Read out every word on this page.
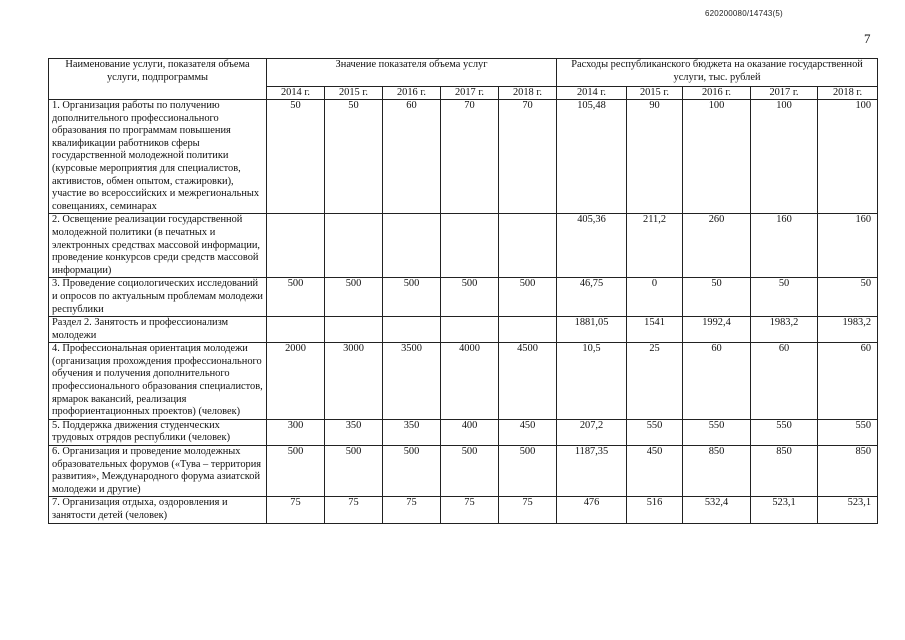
620200080/14743(5)
7
Наименование услуги, показателя объема услуги, подпрограммы	Значение показателя объема услуг					Расходы республиканского бюджета на оказание государственной услуги, тыс. рублей				
	2014 г.	2015 г.	2016 г.	2017 г.	2018 г.	2014 г.	2015 г.	2016 г.	2017 г.	2018 г.
1. Организация работы по получению дополнительного профессионального образования по программам повышения квалификации работников сферы государственной молодежной политики (курсовые мероприятия для специалистов, активистов, обмен опытом, стажировки), участие во всероссийских и межрегиональных совещаниях, семинарах	50	50	60	70	70	105,48	90	100	100	100
2. Освещение реализации государственной молодежной политики (в печатных и электронных средствах массовой информации, проведение конкурсов среди средств массовой информации)						405,36	211,2	260	160	160
3. Проведение социологических исследований и опросов по актуальным проблемам молодежи республики	500	500	500	500	500	46,75	0	50	50	50
Раздел 2. Занятость и профессионализм молодежи						1881,05	1541	1992,4	1983,2	1983,2
4. Профессиональная ориентация молодежи (организация прохождения профессионального обучения и получения дополнительного профессионального образования специалистов, ярмарок вакансий, реализация профориентационных проектов) (человек)	2000	3000	3500	4000	4500	10,5	25	60	60	60
5. Поддержка движения студенческих трудовых отрядов республики (человек)	300	350	350	400	450	207,2	550	550	550	550
6. Организация и проведение молодежных образовательных форумов («Тува – территория развития», Международного форума азиатской молодежи и другие)	500	500	500	500	500	1187,35	450	850	850	850
7. Организация отдыха, оздоровления и занятости детей (человек)	75	75	75	75	75	476	516	532,4	523,1	523,1
